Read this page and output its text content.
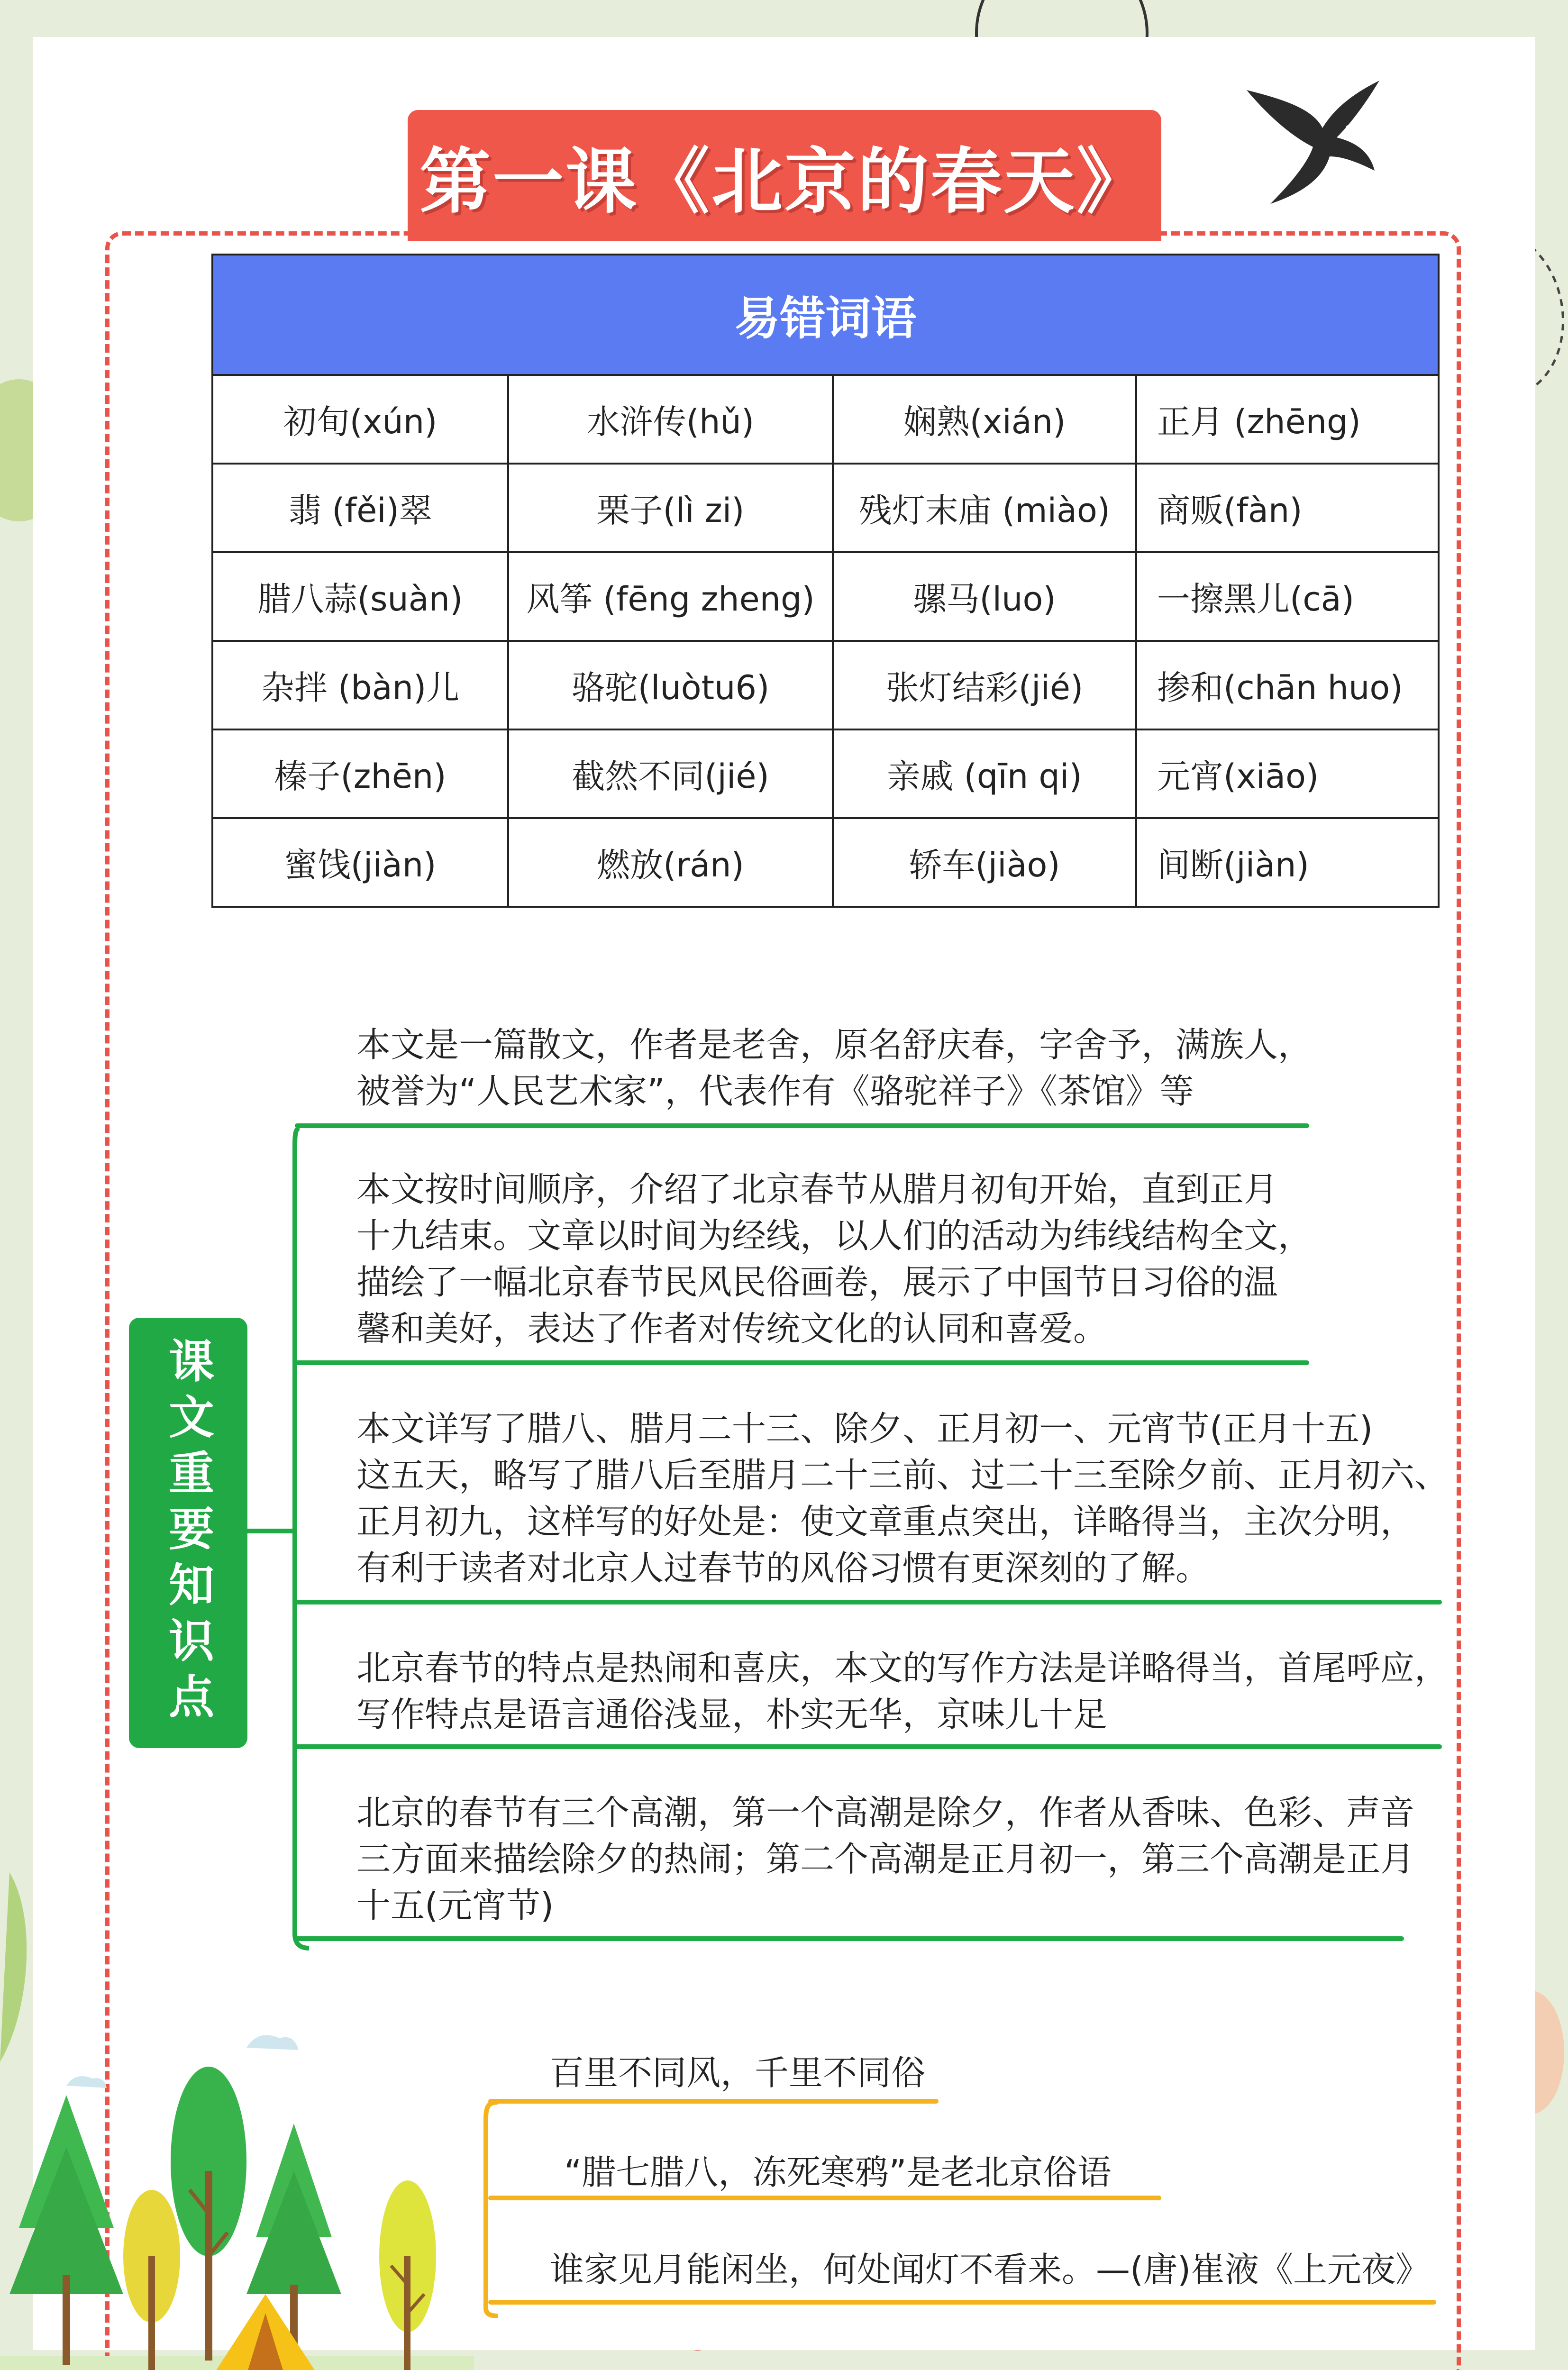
第一课《北京的春天》
易错词语			
初旬(xún)	水浒传(hǔ)	娴熟(xián)	正月 (zhēng)
翡 (fěi)翠	栗子(lì zi)	残灯末庙 (miào)	商贩(fàn)
腊八蒜(suàn)	风筝 (fēng zheng)	骡马(luo)	一擦黑儿(cā)
杂拌 (bàn)儿	骆驼(luòtu6)	张灯结彩(jié)	掺和(chān huo)
榛子(zhēn)	截然不同(jié)	亲戚 (qīn qi)	元宵(xiāo)
蜜饯(jiàn)	燃放(rán)	轿车(jiào)	间断(jiàn)
课文重要知识点
本文是一篇散文，作者是老舍，原名舒庆春，字舍予，满族人，
被誉为“人民艺术家”，代表作有《骆驼祥子》《茶馆》等
本文按时间顺序，介绍了北京春节从腊月初旬开始，直到正月
十九结束。文章以时间为经线，以人们的活动为纬线结构全文，
描绘了一幅北京春节民风民俗画卷，展示了中国节日习俗的温
馨和美好，表达了作者对传统文化的认同和喜爱。
本文详写了腊八、腊月二十三、除夕、正月初一、元宵节(正月十五)
这五天，略写了腊八后至腊月二十三前、过二十三至除夕前、正月初六、
正月初九，这样写的好处是：使文章重点突出，详略得当，主次分明，
有利于读者对北京人过春节的风俗习惯有更深刻的了解。
北京春节的特点是热闹和喜庆，本文的写作方法是详略得当，首尾呼应，
写作特点是语言通俗浅显，朴实无华，京味儿十足
北京的春节有三个高潮，第一个高潮是除夕，作者从香味、色彩、声音
三方面来描绘除夕的热闹；第二个高潮是正月初一，第三个高潮是正月
十五(元宵节)
百里不同风，千里不同俗
“腊七腊八，冻死寒鸦”是老北京俗语
谁家见月能闲坐，何处闻灯不看来。—(唐)崔液《上元夜》
